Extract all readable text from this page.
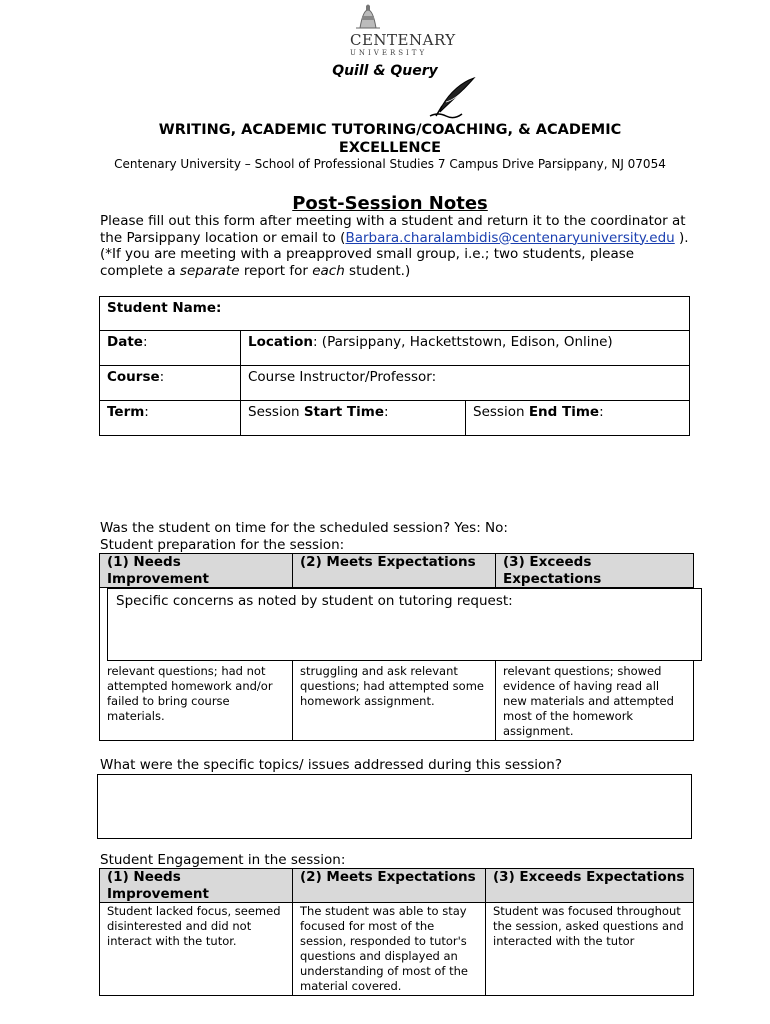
CENTENARY
UNIVERSITY
Quill & Query
WRITING, ACADEMIC TUTORING/COACHING, & ACADEMIC EXCELLENCE
Centenary University – School of Professional Studies 7 Campus Drive Parsippany, NJ 07054
Post-Session Notes
Please fill out this form after meeting with a student and return it to the coordinator at the Parsippany location or email to (Barbara.charalambidis@centenaryuniversity.edu ). (*If you are meeting with a preapproved small group, i.e.; two students, please complete a separate report for each student.)
Student Name:		
Date:	Location: (Parsippany, Hackettstown, Edison, Online)	
Course:	Course Instructor/Professor:	
Term:	Session Start Time:	Session End Time:
Was the student on time for the scheduled session? Yes: No:
Student preparation for the session:
(1) Needs Improvement	(2) Meets Expectations	(3) Exceeds Expectations
relevant questions; had not attempted homework and/or failed to bring course materials.	struggling and ask relevant questions; had attempted some homework assignment.	relevant questions; showed evidence of having read all new materials and attempted most of the homework assignment.
Specific concerns as noted by student on tutoring request:
What were the specific topics/ issues addressed during this session?
Student Engagement in the session:
(1) Needs Improvement	(2) Meets Expectations	(3) Exceeds Expectations
Student lacked focus, seemed disinterested and did not interact with the tutor.	The student was able to stay focused for most of the session, responded to tutor's questions and displayed an understanding of most of the material covered.	Student was focused throughout the session, asked questions and interacted with the tutor
